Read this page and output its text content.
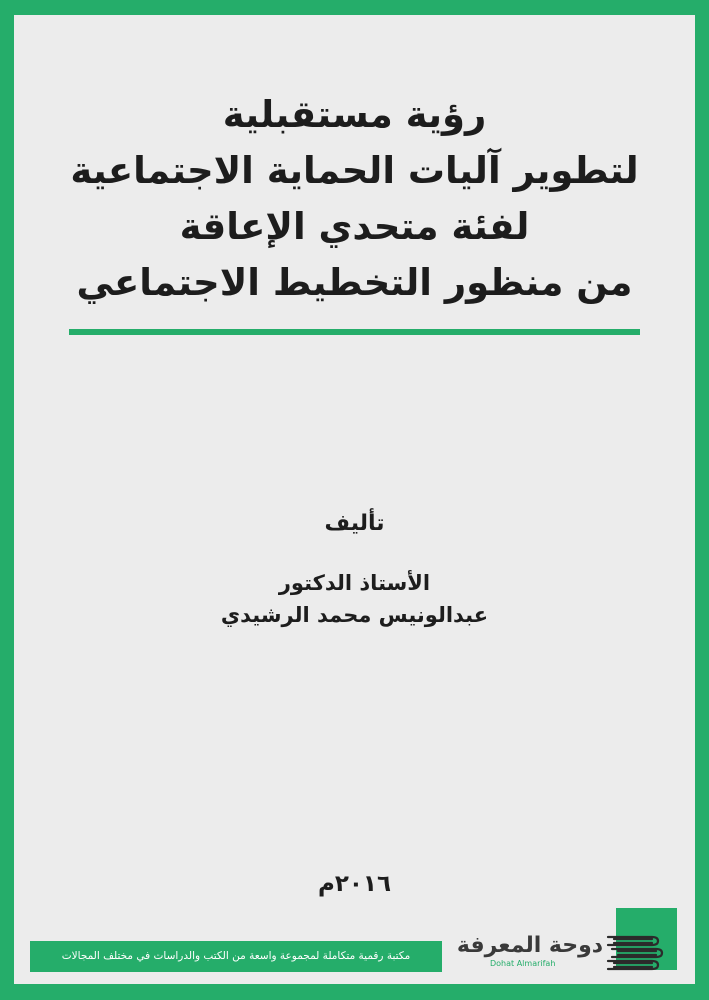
رؤية مستقبلية
لتطوير آليات الحماية الاجتماعية
لفئة متحدي الإعاقة
من منظور التخطيط الاجتماعي
تأليف
الأستاذ الدكتور
عبدالونيس محمد الرشيدي
٢٠١٦م
مكتبة رقمية متكاملة لمجموعة واسعة من الكتب والدراسات في مختلف المجالات	دوحة المعرفة
Dohat Almarifah
